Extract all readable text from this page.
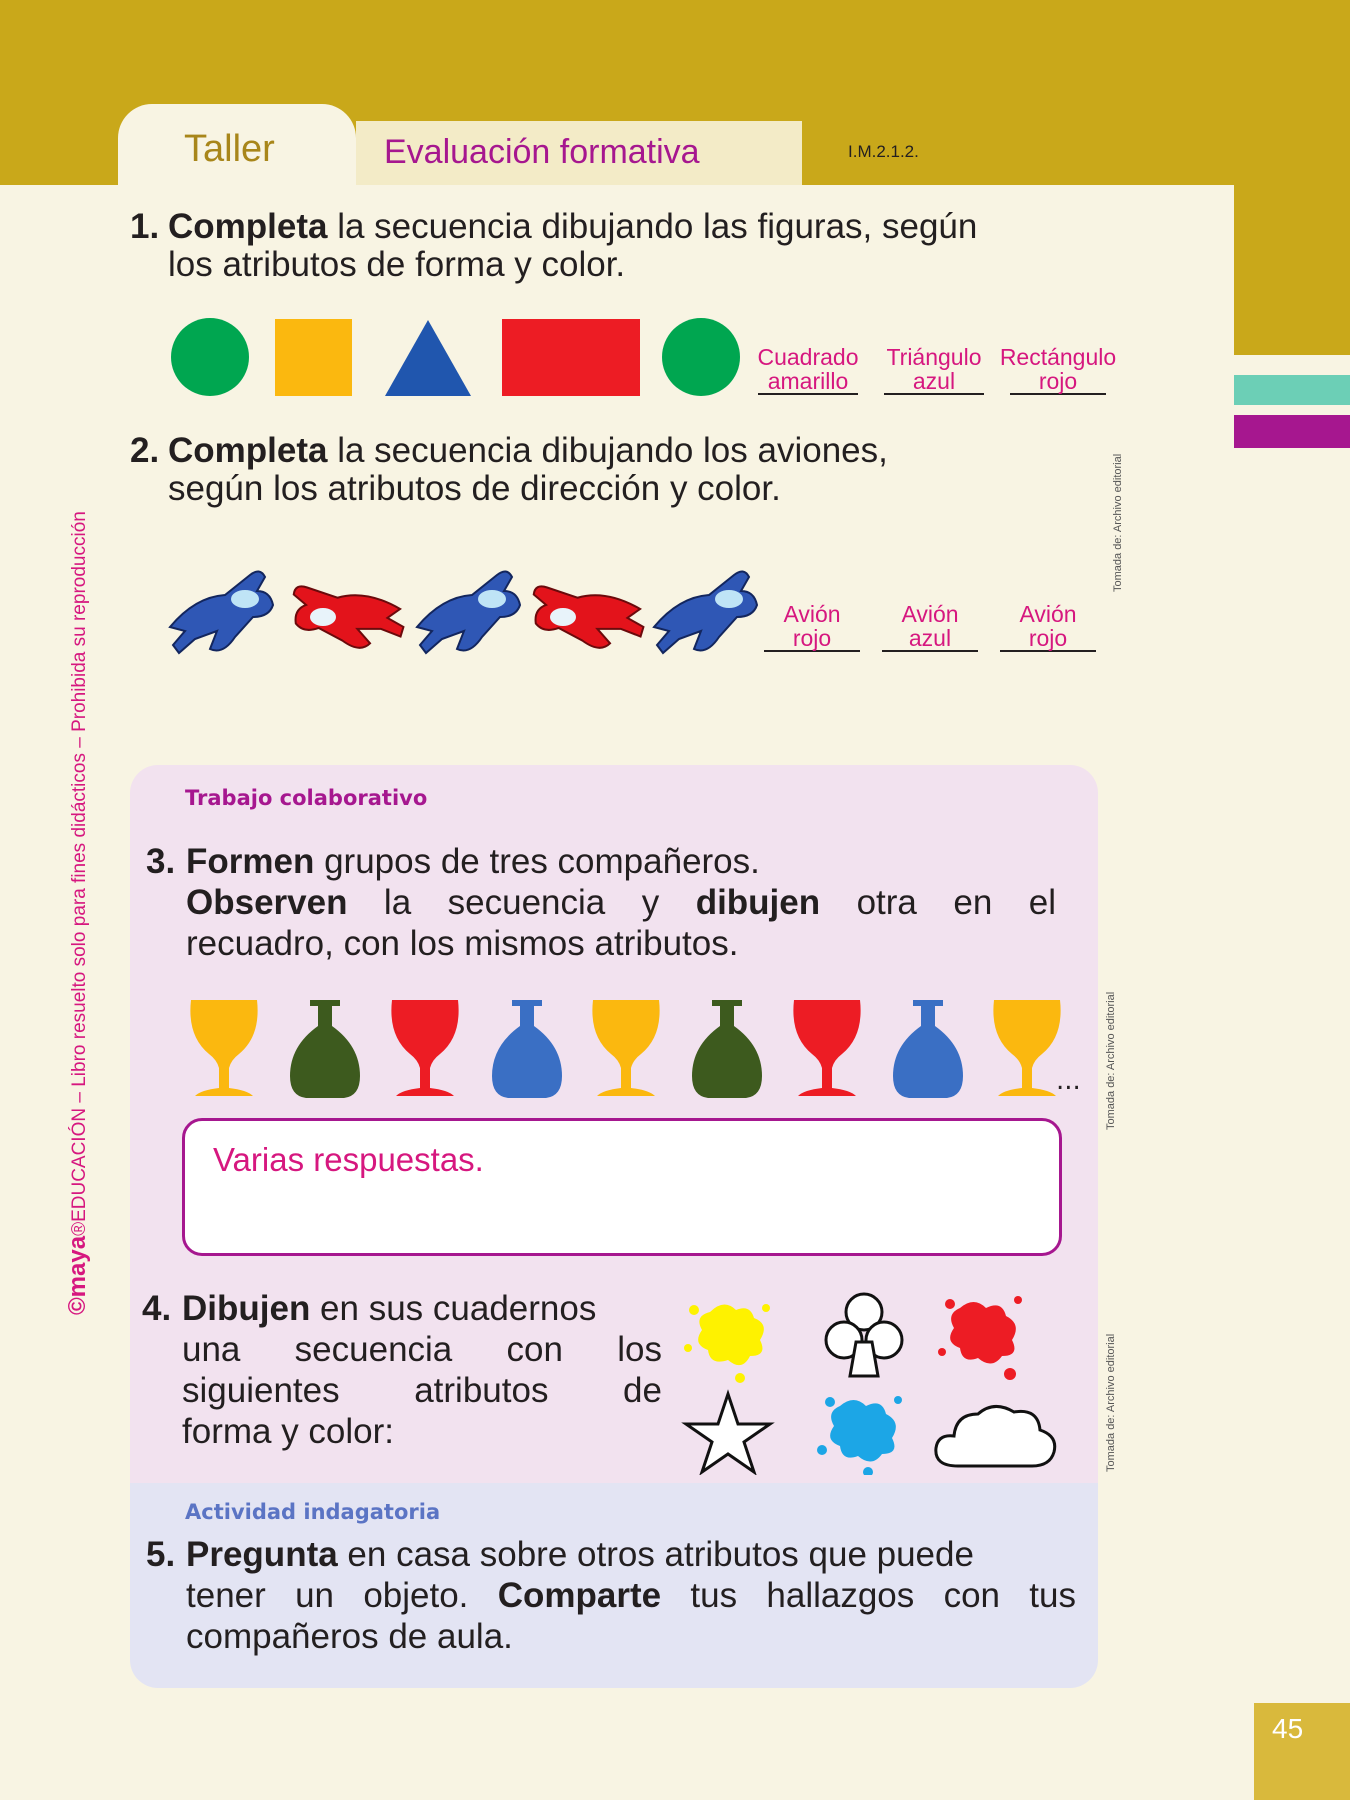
Taller	Evaluación formativa	I.M.2.1.2.
©maya®EDUCACIÓN – Libro resuelto solo para fines didácticos – Prohibida su reproducción
1. Completa la secuencia dibujando las figuras, según
los atributos de forma y color.
Cuadrado
amarillo
Triángulo
azul
Rectángulo
rojo
2. Completa la secuencia dibujando los aviones,
según los atributos de dirección y color.
Avión
rojo
Avión
azul
Avión
rojo
Tomada de: Archivo editorial
Tomada de: Archivo editorial
Tomada de: Archivo editorial
Trabajo colaborativo
3. Formen grupos de tres compañeros.
Observen la secuencia y dibujen otra en el
recuadro, con los mismos atributos.
...
Varias respuestas.
4. Dibujen en sus cuadernos
una secuencia con los
siguientes atributos de
forma y color:
Actividad indagatoria
5. Pregunta en casa sobre otros atributos que puede
tener un objeto. Comparte tus hallazgos con tus
compañeros de aula.
45
